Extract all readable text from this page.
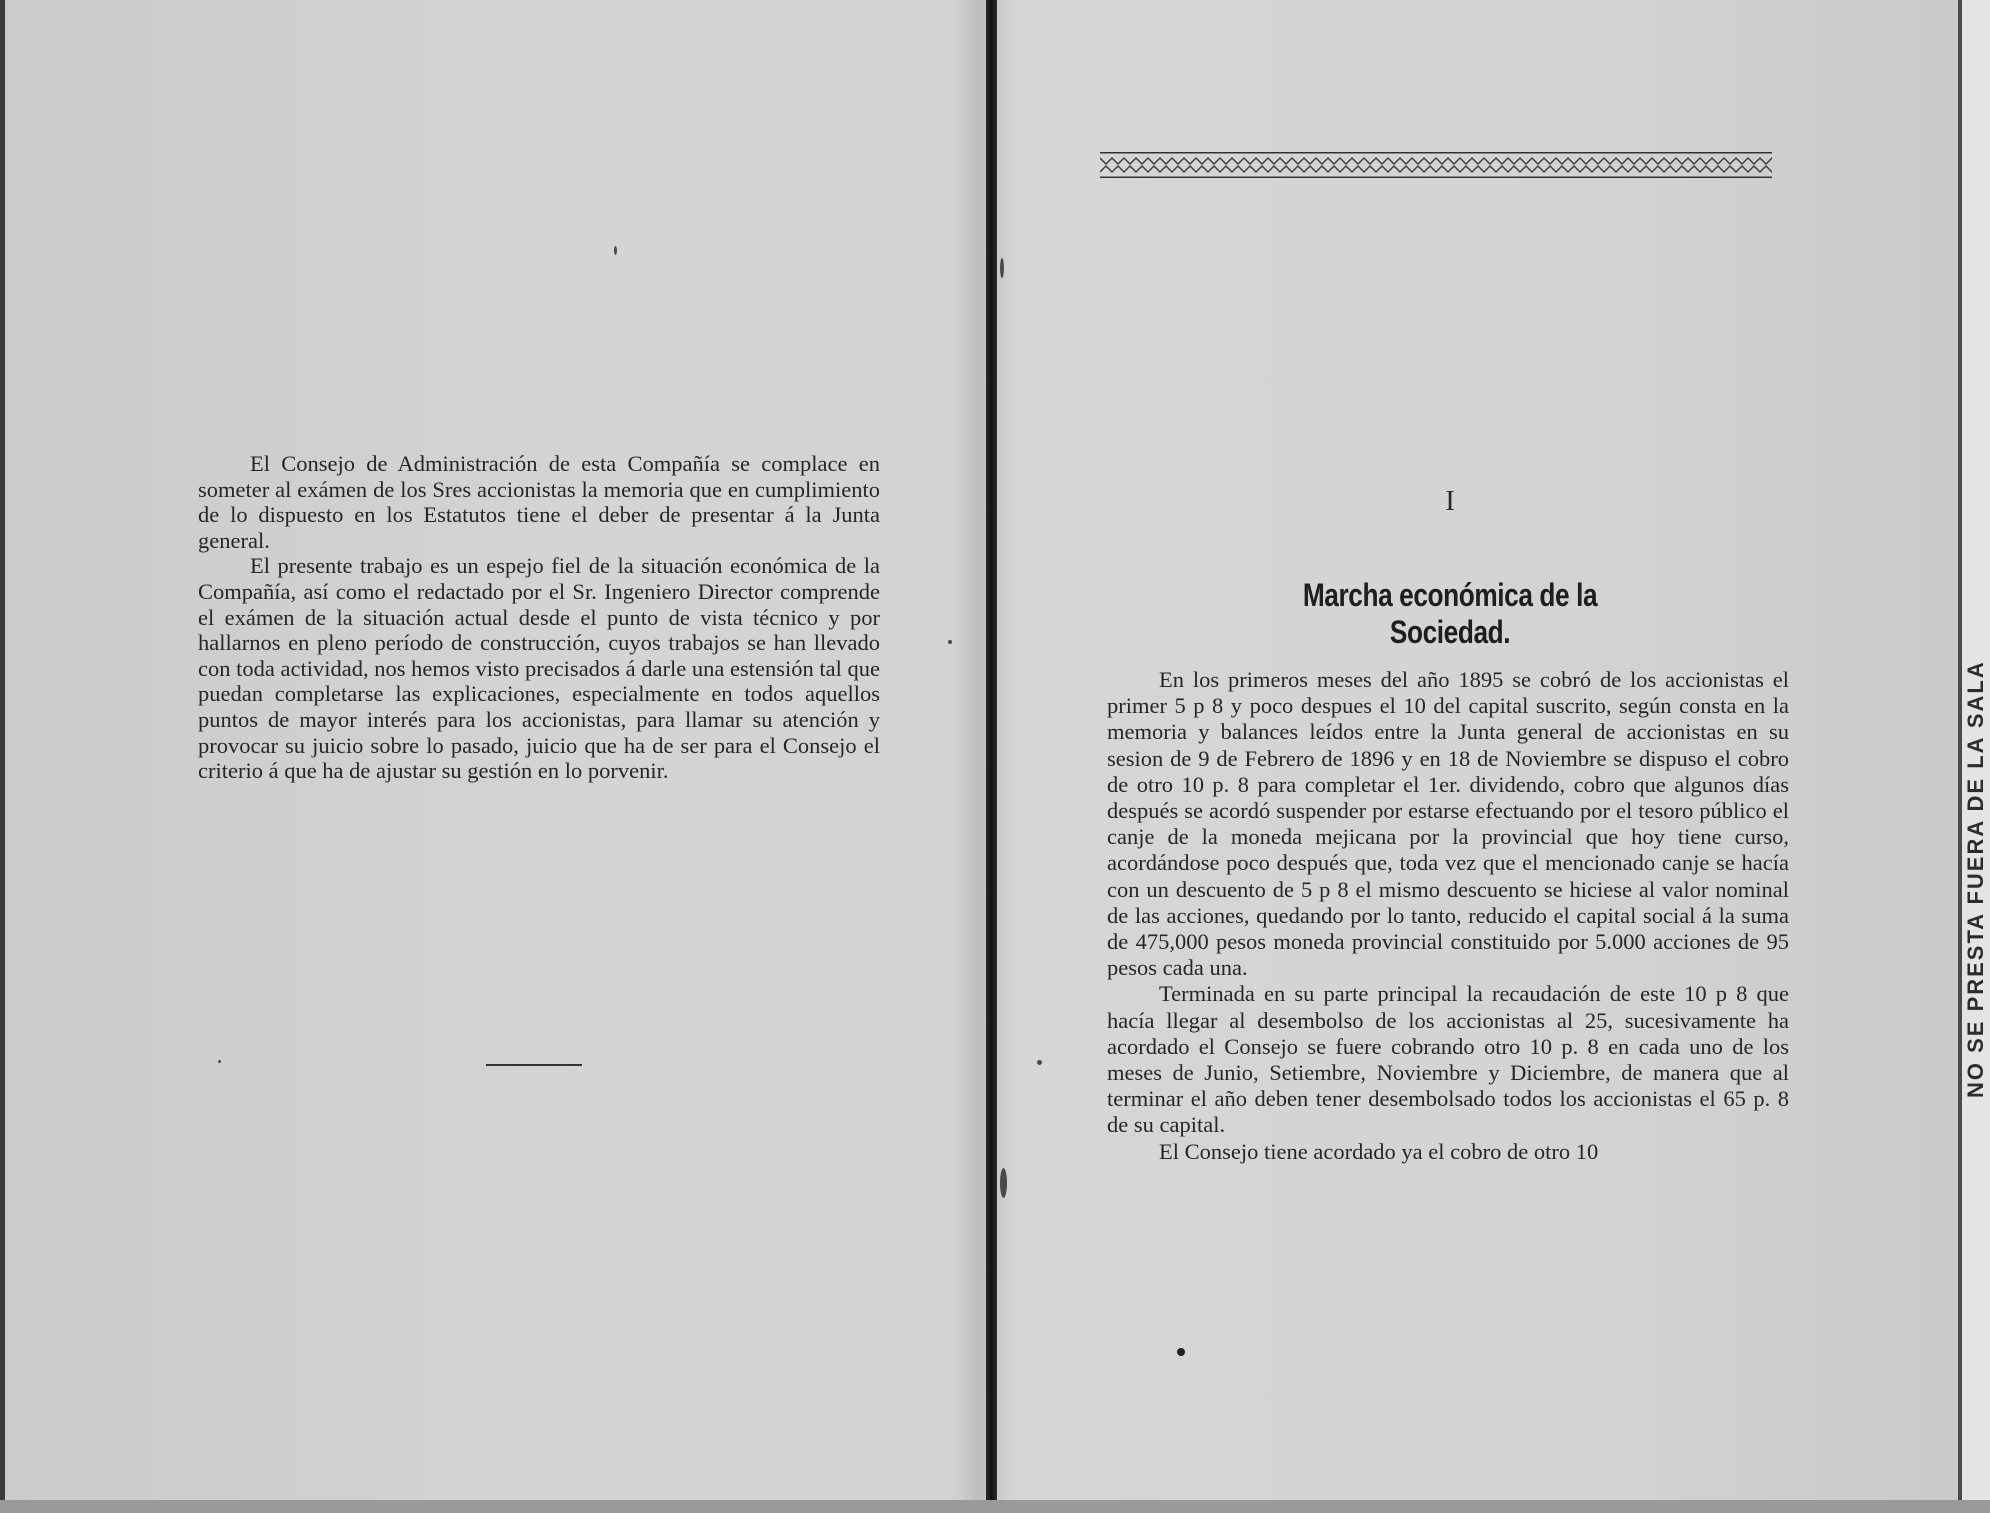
El Consejo de Administración de esta Compañía se complace en someter al exámen de los Sres accionistas la memoria que en cumplimiento de lo dispuesto en los Estatutos tiene el deber de presentar á la Junta general.

El presente trabajo es un espejo fiel de la situación económica de la Compañía, así como el redactado por el Sr. Ingeniero Director comprende el exámen de la situación actual desde el punto de vista técnico y por hallarnos en pleno período de construcción, cuyos trabajos se han llevado con toda actividad, nos hemos visto precisados á darle una estensión tal que puedan completarse las explicaciones, especialmente en todos aquellos puntos de mayor interés para los accionistas, para llamar su atención y provocar su juicio sobre lo pasado, juicio que ha de ser para el Consejo el criterio á que ha de ajustar su gestión en lo porvenir.

I
Marcha económica de la Sociedad.

En los primeros meses del año 1895 se cobró de los accionistas el primer 5 p 8 y poco despues el 10 del capital suscrito, según consta en la memoria y balances leídos entre la Junta general de accionistas en su sesion de 9 de Febrero de 1896 y en 18 de Noviembre se dispuso el cobro de otro 10 p. 8 para completar el 1er. dividendo, cobro que algunos días después se acordó suspender por estarse efectuando por el tesoro público el canje de la moneda mejicana por la provincial que hoy tiene curso, acordándose poco después que, toda vez que el mencionado canje se hacía con un descuento de 5 p 8 el mismo descuento se hiciese al valor nominal de las acciones, quedando por lo tanto, reducido el capital social á la suma de 475,000 pesos moneda provincial constituido por 5.000 acciones de 95 pesos cada una.

Terminada en su parte principal la recaudación de este 10 p 8 que hacía llegar al desembolso de los accionistas al 25, sucesivamente ha acordado el Consejo se fuere cobrando otro 10 p. 8 en cada uno de los meses de Junio, Setiembre, Noviembre y Diciembre, de manera que al terminar el año deben tener desembolsado todos los accionistas el 65 p. 8 de su capital.

El Consejo tiene acordado ya el cobro de otro 10
